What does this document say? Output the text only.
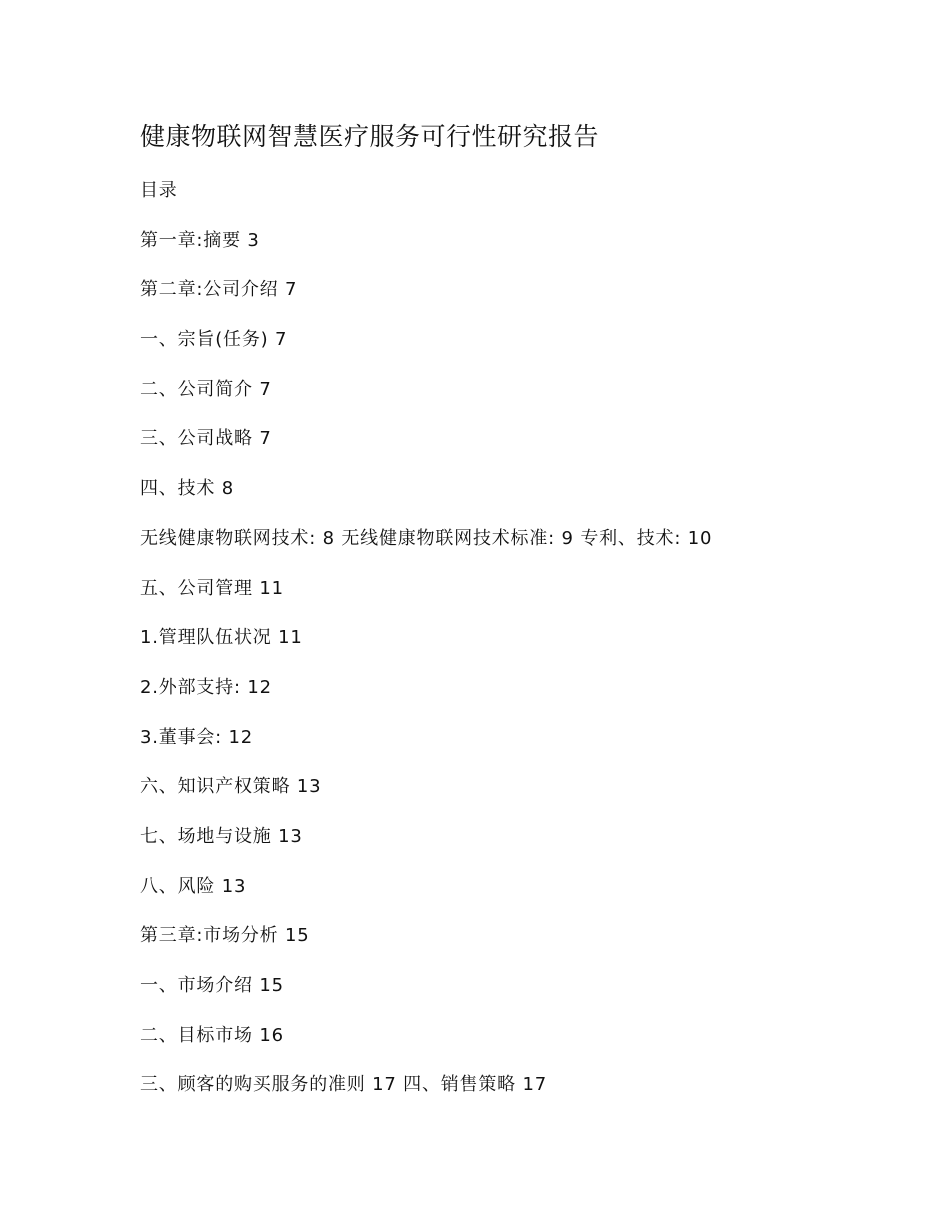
健康物联网智慧医疗服务可行性研究报告
目录
第一章:摘要 3
第二章:公司介绍 7
一、宗旨(任务) 7
二、公司简介 7
三、公司战略 7
四、技术 8
无线健康物联网技术: 8 无线健康物联网技术标准: 9 专利、技术: 10
五、公司管理 11
1.管理队伍状况 11
2.外部支持: 12
3.董事会: 12
六、知识产权策略 13
七、场地与设施 13
八、风险 13
第三章:市场分析 15
一、市场介绍 15
二、目标市场 16
三、顾客的购买服务的准则 17 四、销售策略 17
